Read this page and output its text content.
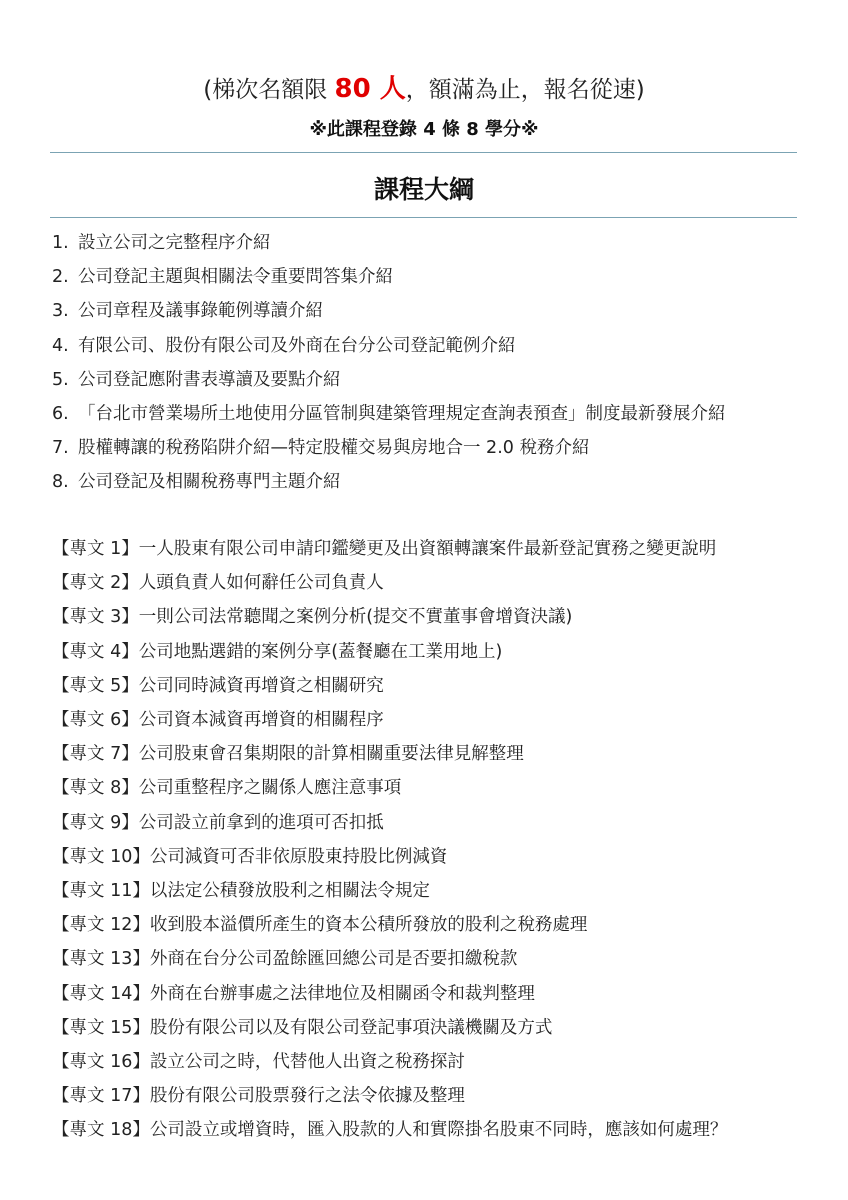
(梯次名額限 80 人，額滿為止，報名從速)
※此課程登錄 4 條 8 學分※
課程大綱
1. 設立公司之完整程序介紹
2. 公司登記主題與相關法令重要問答集介紹
3. 公司章程及議事錄範例導讀介紹
4. 有限公司、股份有限公司及外商在台分公司登記範例介紹
5. 公司登記應附書表導讀及要點介紹
6. 「台北市營業場所土地使用分區管制與建築管理規定查詢表預查」制度最新發展介紹
7. 股權轉讓的稅務陷阱介紹—特定股權交易與房地合一 2.0 稅務介紹
8. 公司登記及相關稅務專門主題介紹
【專文 1】一人股東有限公司申請印鑑變更及出資額轉讓案件最新登記實務之變更說明
【專文 2】人頭負責人如何辭任公司負責人
【專文 3】一則公司法常聽聞之案例分析(提交不實董事會增資決議)
【專文 4】公司地點選錯的案例分享(蓋餐廳在工業用地上)
【專文 5】公司同時減資再增資之相關研究
【專文 6】公司資本減資再增資的相關程序
【專文 7】公司股東會召集期限的計算相關重要法律見解整理
【專文 8】公司重整程序之關係人應注意事項
【專文 9】公司設立前拿到的進項可否扣抵
【專文 10】公司減資可否非依原股東持股比例減資
【專文 11】以法定公積發放股利之相關法令規定
【專文 12】收到股本溢價所產生的資本公積所發放的股利之稅務處理
【專文 13】外商在台分公司盈餘匯回總公司是否要扣繳稅款
【專文 14】外商在台辦事處之法律地位及相關函令和裁判整理
【專文 15】股份有限公司以及有限公司登記事項決議機關及方式
【專文 16】設立公司之時，代替他人出資之稅務探討
【專文 17】股份有限公司股票發行之法令依據及整理
【專文 18】公司設立或增資時，匯入股款的人和實際掛名股東不同時，應該如何處理？
